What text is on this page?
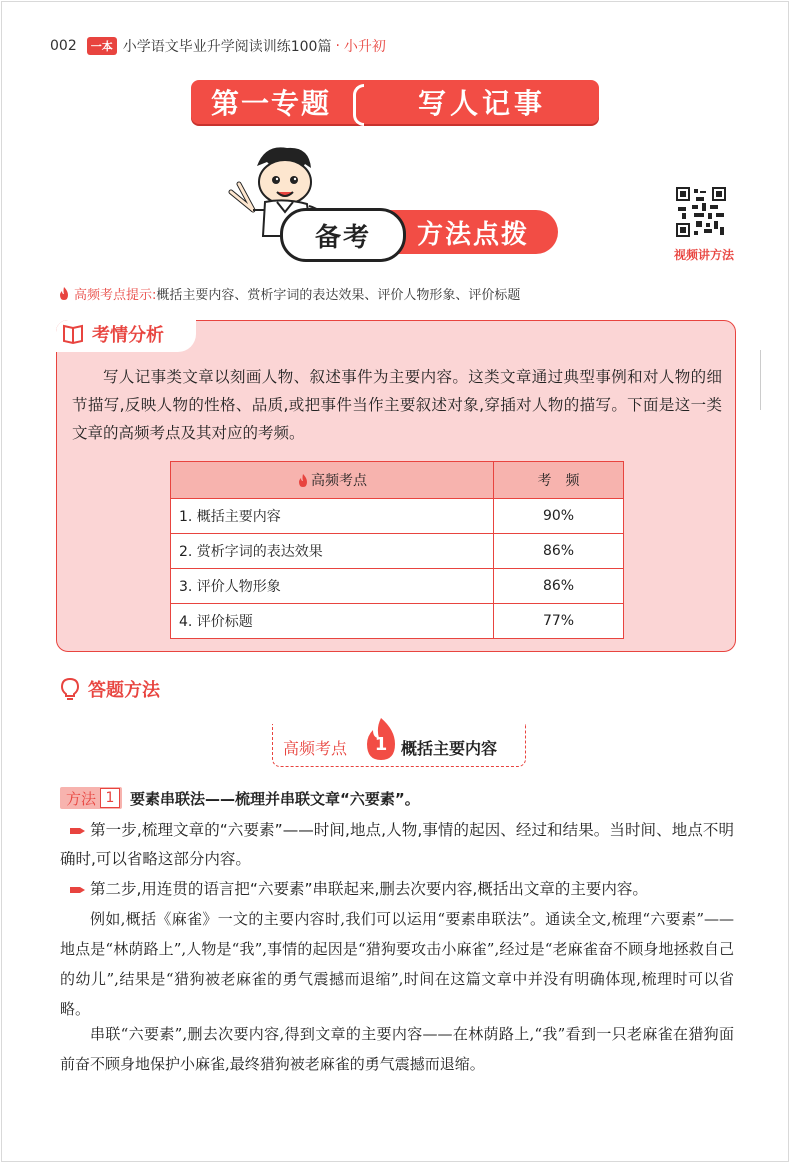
002	一本 小学语文毕业升学阅读训练100篇 · 小升初
第一专题	写人记事
方法点拨
备考
视频讲方法
高频考点提示: 概括主要内容、赏析字词的表达效果、评价人物形象、评价标题
考情分析
写人记事类文章以刻画人物、叙述事件为主要内容。这类文章通过典型事例和对人物的细节描写,反映人物的性格、品质,或把事件当作主要叙述对象,穿插对人物的描写。下面是这一类文章的高频考点及其对应的考频。
高频考点	考　频
1. 概括主要内容	90%
2. 赏析字词的表达效果	86%
3. 评价人物形象	86%
4. 评价标题	77%
答题方法
高频考点 1 概括主要内容
方法 1	要素串联法——梳理并串联文章“六要素”。
第一步,梳理文章的“六要素”——时间,地点,人物,事情的起因、经过和结果。当时间、地点不明确时,可以省略这部分内容。
第二步,用连贯的语言把“六要素”串联起来,删去次要内容,概括出文章的主要内容。
例如,概括《麻雀》一文的主要内容时,我们可以运用“要素串联法”。通读全文,梳理“六要素”——地点是“林荫路上”,人物是“我”,事情的起因是“猎狗要攻击小麻雀”,经过是“老麻雀奋不顾身地拯救自己的幼儿”,结果是“猎狗被老麻雀的勇气震撼而退缩”,时间在这篇文章中并没有明确体现,梳理时可以省略。
串联“六要素”,删去次要内容,得到文章的主要内容——在林荫路上,“我”看到一只老麻雀在猎狗面前奋不顾身地保护小麻雀,最终猎狗被老麻雀的勇气震撼而退缩。
